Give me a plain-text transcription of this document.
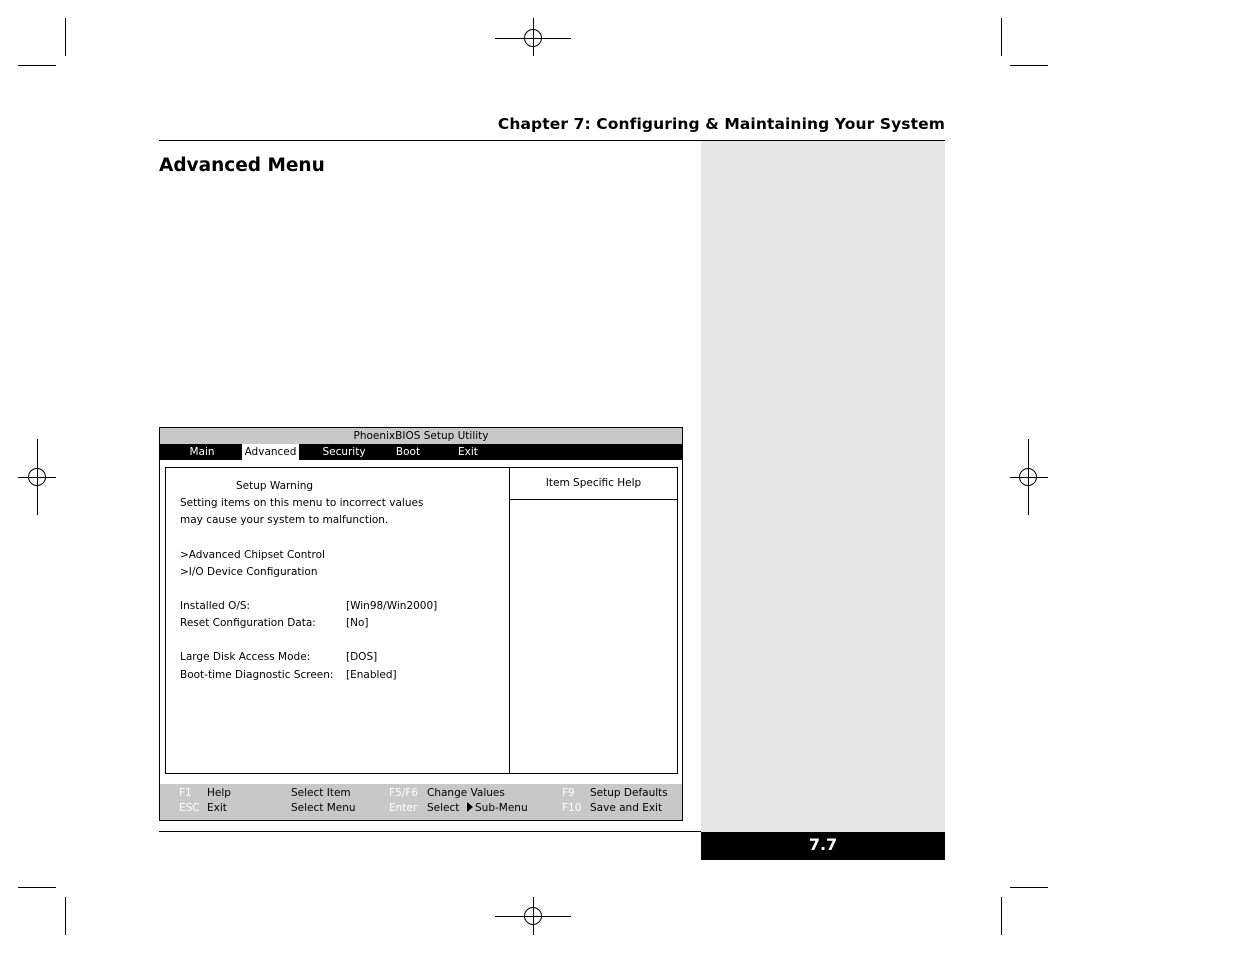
Chapter 7: Configuring & Maintaining Your System
Advanced Menu
7.7
PhoenixBIOS Setup Utility
Main	Advanced	Security	Boot	Exit
Setup Warning
Setting items on this menu to incorrect values
may cause your system to malfunction.
>Advanced Chipset Control
>I/O Device Configuration
Installed O/S:	[Win98/Win2000]
Reset Configuration Data:	[No]
Large Disk Access Mode:	[DOS]
Boot-time Diagnostic Screen: [Enabled]
Item Specific Help
F1 Help	Select Item	F5/F6 Change Values	F9 Setup Defaults
ESC Exit	Select Menu	Enter Select	Sub-Menu	F10 Save and Exit
